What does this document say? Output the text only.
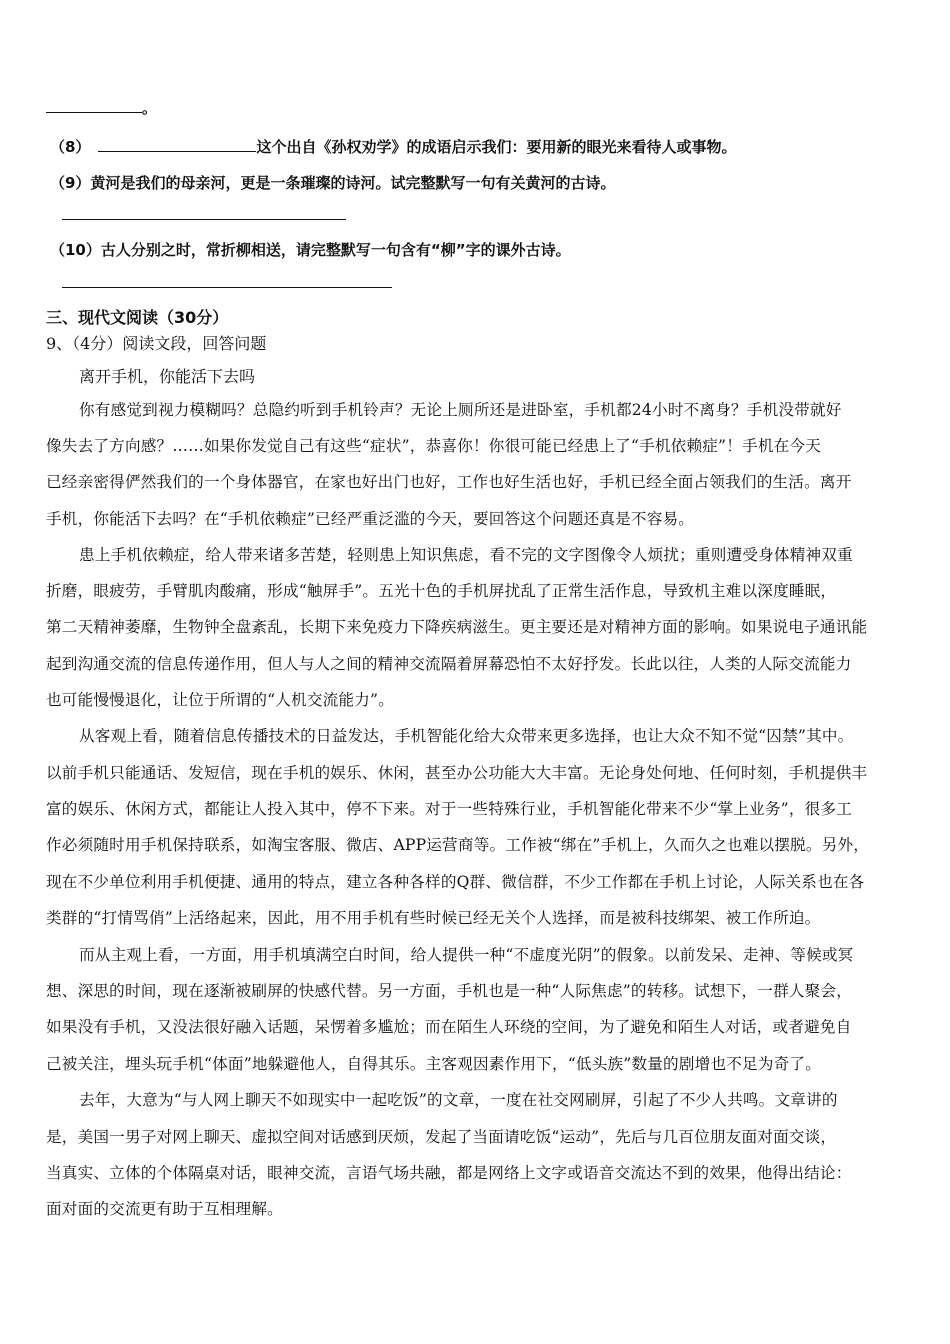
。
（8）	这个出自《孙权劝学》的成语启示我们：要用新的眼光来看待人或事物。
（9）黄河是我们的母亲河，更是一条璀璨的诗河。试完整默写一句有关黄河的古诗。
（10）古人分别之时，常折柳相送，请完整默写一句含有“柳”字的课外古诗。
三、现代文阅读（30分）
9、（4分）阅读文段，回答问题
离开手机，你能活下去吗
你有感觉到视力模糊吗？总隐约听到手机铃声？无论上厕所还是进卧室，手机都24小时不离身？手机没带就好
像失去了方向感？……如果你发觉自己有这些“症状”，恭喜你！你很可能已经患上了“手机依赖症”！手机在今天
已经亲密得俨然我们的一个身体器官，在家也好出门也好，工作也好生活也好，手机已经全面占领我们的生活。离开
手机，你能活下去吗？在“手机依赖症”已经严重泛滥的今天，要回答这个问题还真是不容易。
患上手机依赖症，给人带来诸多苦楚，轻则患上知识焦虑，看不完的文字图像令人烦扰；重则遭受身体精神双重
折磨，眼疲劳，手臂肌肉酸痛，形成“触屏手”。五光十色的手机屏扰乱了正常生活作息，导致机主难以深度睡眠，
第二天精神萎靡，生物钟全盘紊乱，长期下来免疫力下降疾病滋生。更主要还是对精神方面的影响。如果说电子通讯能
起到沟通交流的信息传递作用，但人与人之间的精神交流隔着屏幕恐怕不太好抒发。长此以往，人类的人际交流能力
也可能慢慢退化，让位于所谓的“人机交流能力”。
从客观上看，随着信息传播技术的日益发达，手机智能化给大众带来更多选择，也让大众不知不觉“囚禁”其中。
以前手机只能通话、发短信，现在手机的娱乐、休闲，甚至办公功能大大丰富。无论身处何地、任何时刻，手机提供丰
富的娱乐、休闲方式，都能让人投入其中，停不下来。对于一些特殊行业，手机智能化带来不少“掌上业务”，很多工
作必须随时用手机保持联系，如淘宝客服、微店、APP运营商等。工作被“绑在”手机上，久而久之也难以摆脱。另外，
现在不少单位利用手机便捷、通用的特点，建立各种各样的Q群、微信群，不少工作都在手机上讨论，人际关系也在各
类群的“打情骂俏”上活络起来，因此，用不用手机有些时候已经无关个人选择，而是被科技绑架、被工作所迫。
而从主观上看，一方面，用手机填满空白时间，给人提供一种“不虚度光阴”的假象。以前发呆、走神、等候或冥
想、深思的时间，现在逐渐被刷屏的快感代替。另一方面，手机也是一种“人际焦虑”的转移。试想下，一群人聚会，
如果没有手机，又没法很好融入话题，呆愣着多尴尬；而在陌生人环绕的空间，为了避免和陌生人对话，或者避免自
己被关注，埋头玩手机“体面”地躲避他人，自得其乐。主客观因素作用下，“低头族”数量的剧增也不足为奇了。
去年，大意为“与人网上聊天不如现实中一起吃饭”的文章，一度在社交网刷屏，引起了不少人共鸣。文章讲的
是，美国一男子对网上聊天、虚拟空间对话感到厌烦，发起了当面请吃饭“运动”，先后与几百位朋友面对面交谈，
当真实、立体的个体隔桌对话，眼神交流，言语气场共融，都是网络上文字或语音交流达不到的效果，他得出结论：
面对面的交流更有助于互相理解。
